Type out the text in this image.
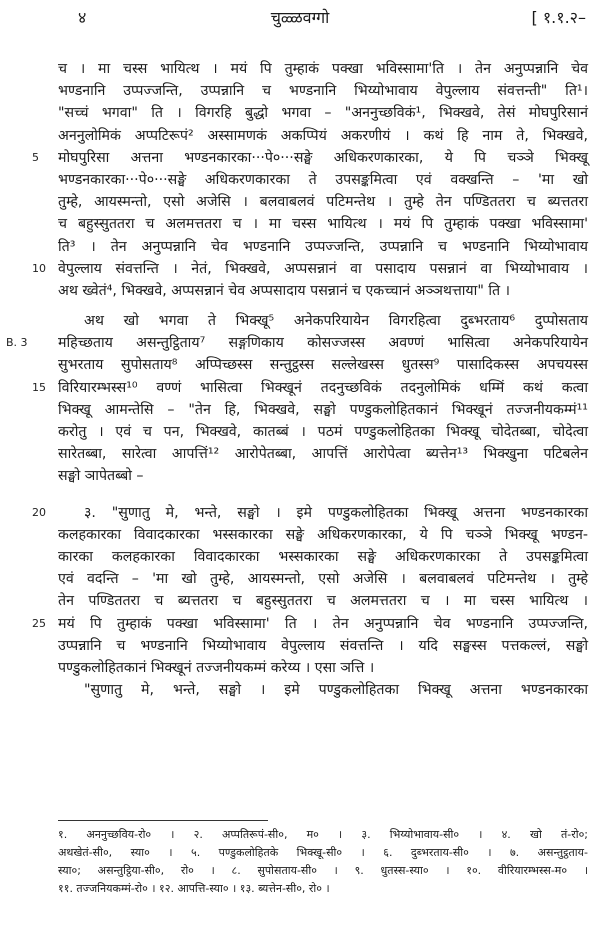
४	चुळ्ळवग्गो	[ १.१.२–
च । मा चस्स भायित्थ । मयं पि तुम्हाकं पक्खा भविस्सामा'ति । तेन अनुप्पन्नानि चेव
भण्डनानि उप्पज्जन्ति, उप्पन्नानि च भण्डनानि भिय्योभावाय वेपुल्लाय संवत्तन्ती" ति¹।
"सच्चं भगवा" ति । विगरहि बुद्धो भगवा – "अननुच्छविकं¹, भिक्खवे, तेसं मोघपुरिसानं
अननुलोमिकं अप्पटिरूपं² अस्सामणकं अकप्पियं अकरणीयं । कथं हि नाम ते, भिक्खवे,
5	मोघपुरिसा अत्तना भण्डनकारका···पे०···सङ्घे अधिकरणकारका, ये पि चञ्ञे भिक्खू
भण्डनकारका···पे०···सङ्घे अधिकरणकारका ते उपसङ्कमित्वा एवं वक्खन्ति – 'मा खो
तुम्हे, आयस्मन्तो, एसो अजेसि । बलवाबलवं पटिमन्तेथ । तुम्हे तेन पण्डिततरा च ब्यत्ततरा
च बहुस्सुततरा च अलमत्ततरा च । मा चस्स भायित्थ । मयं पि तुम्हाकं पक्खा भविस्सामा'
ति³ । तेन अनुप्पन्नानि चेव भण्डनानि उप्पज्जन्ति, उप्पन्नानि च भण्डनानि भिय्योभावाय
10 वेपुल्लाय संवत्तन्ति । नेतं, भिक्खवे, अप्पसन्नानं वा पसादाय पसन्नानं वा भिय्योभावाय ।
अथ ख्वेतं⁴, भिक्खवे, अप्पसन्नानं चेव अप्पसादाय पसन्नानं च एकच्चानं अञ्ञथत्ताया" ति ।
अथ खो भगवा ते भिक्खू⁵ अनेकपरियायेन विगरहित्वा दुब्भरताय⁶ दुप्पोसताय
B. 3 महिच्छताय असन्तुट्ठिताय⁷ सङ्गणिकाय कोसज्जस्स अवण्णं भासित्वा अनेकपरियायेन
सुभरताय सुपोसताय⁸ अप्पिच्छस्स सन्तुट्ठस्स सल्लेखस्स धुतस्स⁹ पासादिकस्स अपचयस्स
15 विरियारम्भस्स¹⁰ वण्णं भासित्वा भिक्खूनं तदनुच्छविकं तदनुलोमिकं धम्मिं कथं कत्वा
भिक्खू आमन्तेसि – "तेन हि, भिक्खवे, सङ्घो पण्डुकलोहितकानं भिक्खूनं तज्जनीयकम्मं¹¹
करोतु । एवं च पन, भिक्खवे, कातब्बं । पठमं पण्डुकलोहितका भिक्खू चोदेतब्बा, चोदेत्वा
सारेतब्बा, सारेत्वा आपत्तिं¹² आरोपेतब्बा, आपत्तिं आरोपेत्वा ब्यत्तेन¹³ भिक्खुना पटिबलेन
सङ्घो ञापेतब्बो –
20	३. "सुणातु मे, भन्ते, सङ्घो । इमे पण्डुकलोहितका भिक्खू अत्तना भण्डनकारका
कलहकारका विवादकारका भस्सकारका सङ्घे अधिकरणकारका, ये पि चञ्ञे भिक्खू भण्डन-
कारका कलहकारका विवादकारका भस्सकारका सङ्घे अधिकरणकारका ते उपसङ्कमित्वा
एवं वदन्ति – 'मा खो तुम्हे, आयस्मन्तो, एसो अजेसि । बलवाबलवं पटिमन्तेथ । तुम्हे
तेन पण्डिततरा च ब्यत्ततरा च बहुस्सुततरा च अलमत्ततरा च । मा चस्स भायित्थ ।
25 मयं पि तुम्हाकं पक्खा भविस्सामा' ति । तेन अनुप्पन्नानि चेव भण्डनानि उप्पज्जन्ति,
उप्पन्नानि च भण्डनानि भिय्योभावाय वेपुल्लाय संवत्तन्ति । यदि सङ्घस्स पत्तकल्लं, सङ्घो
पण्डुकलोहितकानं भिक्खूनं तज्जनीयकम्मं करेय्य । एसा ञत्ति ।
"सुणातु मे, भन्ते, सङ्घो । इमे पण्डुकलोहितका भिक्खू अत्तना भण्डनकारका
१. अननुच्छविय-रो० । २. अप्पतिरूपं-सी०, म० । ३. भिय्योभावाय-सी० । ४. खो तं-रो०;
अथखेतं-सी०, स्या० । ५. पण्डुकलोहितके भिक्खू-सी० । ६. दुब्भरताय-सी० । ७. असन्तुट्ठताय-
स्या०; असन्तुट्ठिया-सी०, रो० । ८. सुपोसताय-सी० । ९. धुतस्स-स्या० । १०. वीरियारम्भस्स-म० ।
११. तज्जनियकम्मं-रो० । १२. आपत्ति-स्या० । १३. ब्यत्तेन-सी०, रो० ।
